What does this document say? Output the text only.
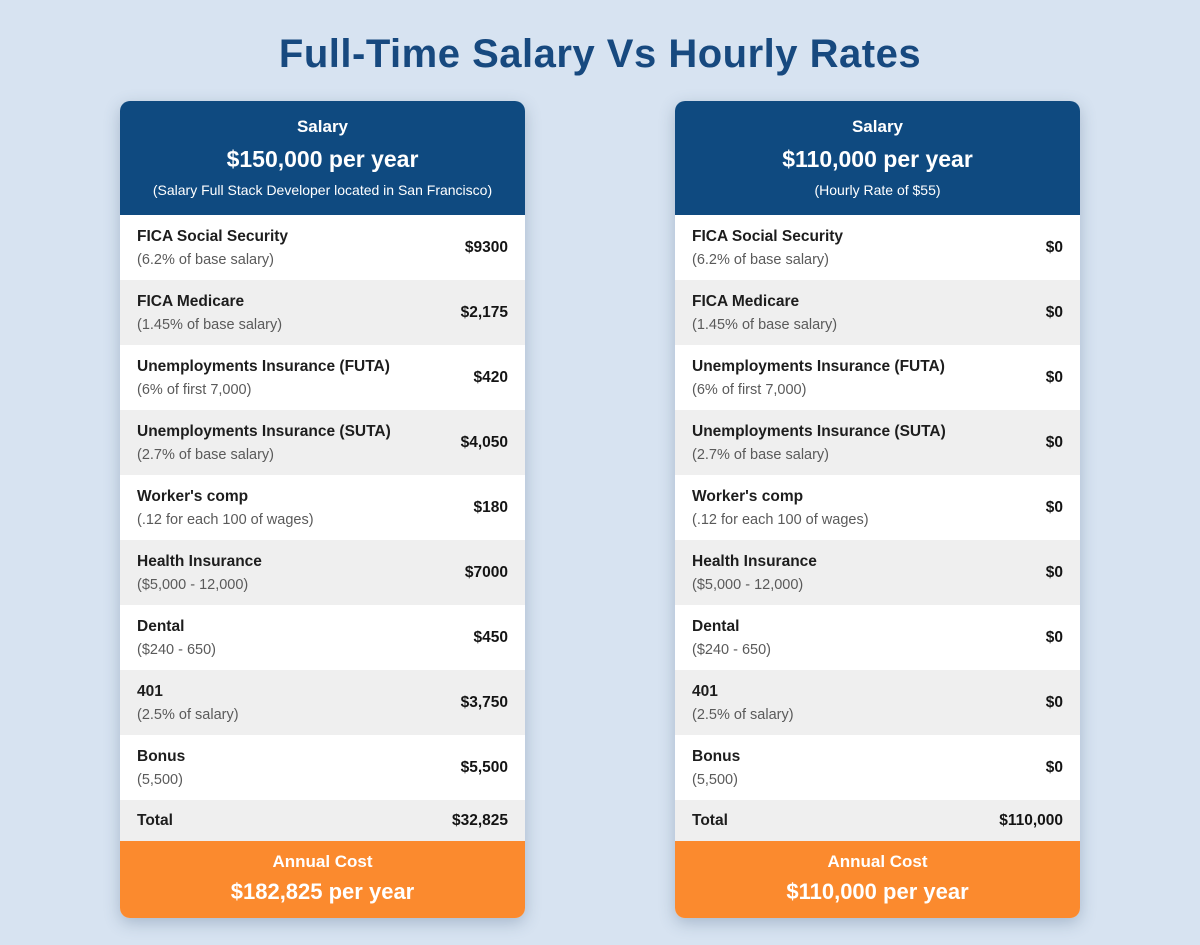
Full-Time Salary Vs Hourly Rates
Salary
$150,000 per year
(Salary Full Stack Developer located in San Francisco)
FICA Social Security
(6.2% of base salary)
$9300
FICA Medicare
(1.45% of base salary)
$2,175
Unemployments Insurance (FUTA)
(6% of first 7,000)
$420
Unemployments Insurance (SUTA)
(2.7% of base salary)
$4,050
Worker's comp
(.12 for each 100 of wages)
$180
Health Insurance
($5,000 - 12,000)
$7000
Dental
($240 - 650)
$450
401
(2.5% of salary)
$3,750
Bonus
(5,500)
$5,500
Total	$32,825
Annual Cost
$182,825 per year
Salary
$110,000 per year
(Hourly Rate of $55)
FICA Social Security
(6.2% of base salary)
$0
FICA Medicare
(1.45% of base salary)
$0
Unemployments Insurance (FUTA)
(6% of first 7,000)
$0
Unemployments Insurance (SUTA)
(2.7% of base salary)
$0
Worker's comp
(.12 for each 100 of wages)
$0
Health Insurance
($5,000 - 12,000)
$0
Dental
($240 - 650)
$0
401
(2.5% of salary)
$0
Bonus
(5,500)
$0
Total	$110,000
Annual Cost
$110,000 per year
